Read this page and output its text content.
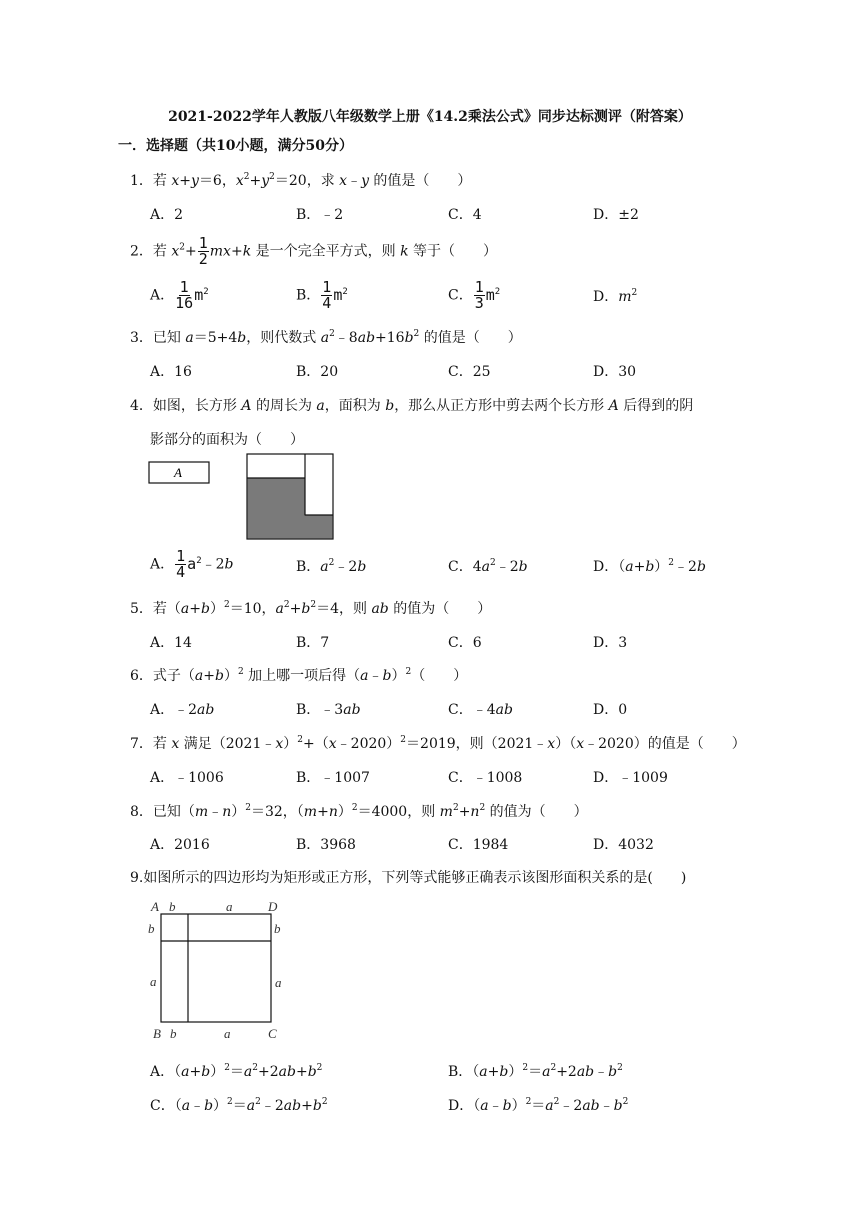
2021-2022学年人教版八年级数学上册《14.2乘法公式》同步达标测评（附答案）
一．选择题（共10小题，满分50分）
1．若 x+y＝6，$x^2+y^2=20$，求 x﹣y 的值是（　　）
A．2	B．﹣2	C．4	D．±2
2．若 $x^2+ \frac{1}{2} mx+k$ 是一个完全平方式，则 k 等于（　　）
A． $\frac{1}{16} m^2$	B． $\frac{1}{4} m^2$	C． $\frac{1}{3} m^2$	D．$m^2$
3．已知 a＝5+4b，则代数式 $a^2﹣8ab+16b^2$ 的值是（　　）
A．16	B．20	C．25	D．30
4．如图，长方形 A 的周长为 a，面积为 b，那么从正方形中剪去两个长方形 A 后得到的阴
影部分的面积为（　　）
A
A． $\frac{1}{4}$ $a^2﹣2b$	B．$a^2﹣2b$	C．$4a^2﹣2b$	D．$(a+b)^2﹣2b$
5．若$(a+b)^2=10$，$a^2+b^2=4$，则 ab 的值为（　　）
A．14	B．7	C．6	D．3
6．式子$(a+b)^2$ 加上哪一项后得（a﹣b）$^2$（　　）
A．﹣2ab	B．﹣3ab	C．﹣4ab	D．0
7．若 x 满足（2021﹣x）$^2$+（x﹣2020）$^2$＝2019，则（2021﹣x）（x﹣2020）的值是（　　）
A．﹣1006	B．﹣1007	C．﹣1008	D．﹣1009
8．已知（m﹣n）$^2$＝32，$(m+n)^2=4000$，则 $m^2+n^2$ 的值为（　　）
A．2016	B．3968	C．1984	D．4032
9.如图所示的四边形均为矩形或正方形，下列等式能够正确表示该图形面积关系的是(　　)
A b	a	D
b	b
a	a
B b	a	C
A．$(a+b)^2=a^2+2ab+b^2$	B．$(a+b)^2=a^2+2ab﹣b^2$
C．$(a﹣b)^2=a^2﹣2ab+b^2$	D．$(a﹣b)^2=a^2﹣2ab﹣b^2$
